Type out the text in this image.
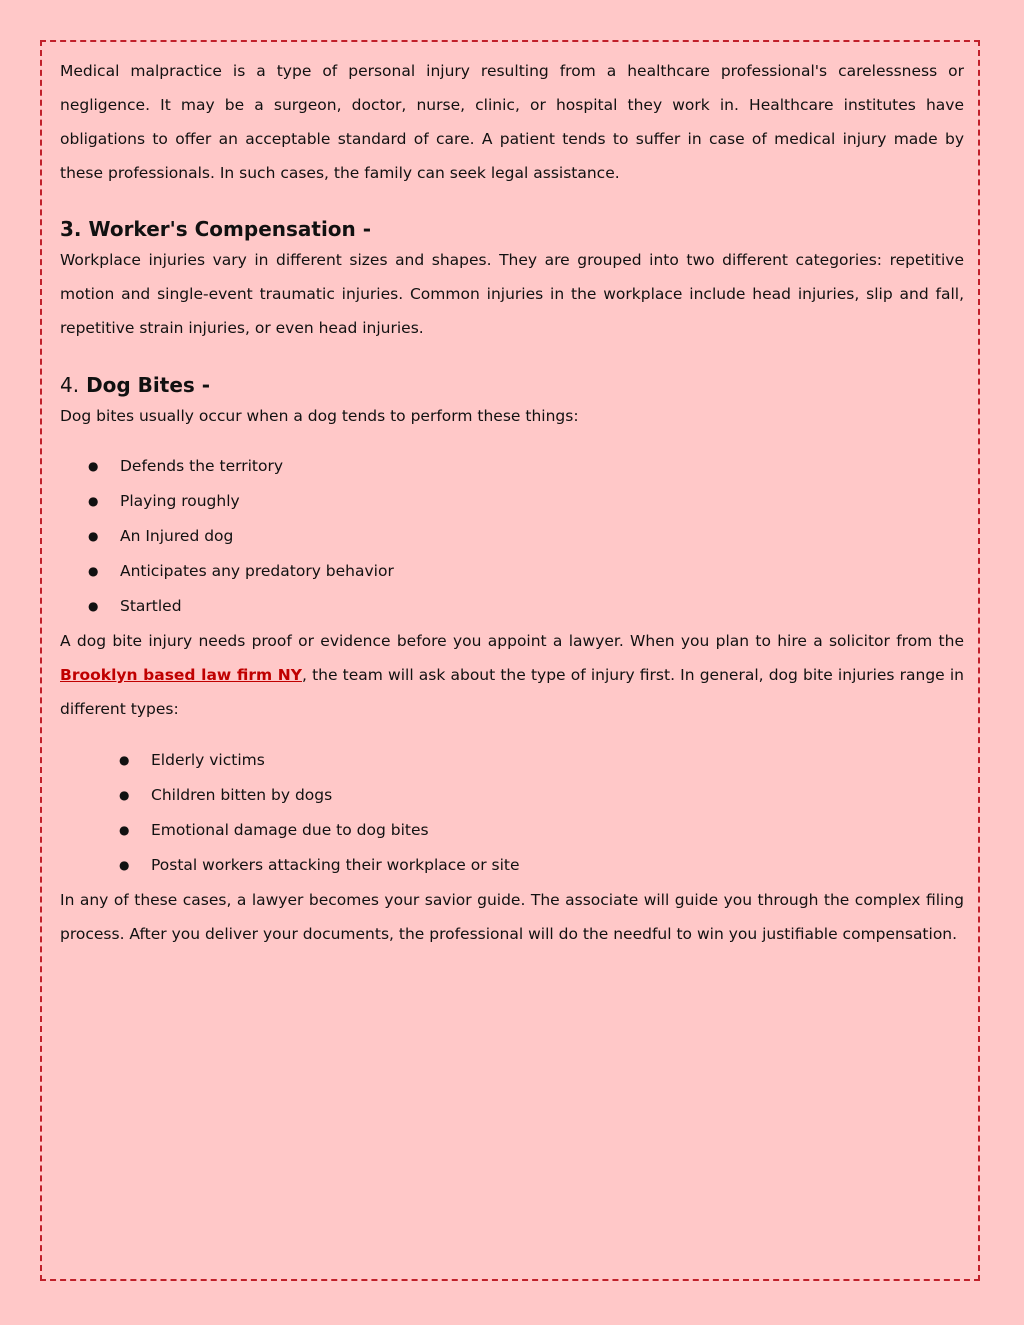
Medical malpractice is a type of personal injury resulting from a healthcare professional's carelessness or negligence. It may be a surgeon, doctor, nurse, clinic, or hospital they work in. Healthcare institutes have obligations to offer an acceptable standard of care. A patient tends to suffer in case of medical injury made by these professionals. In such cases, the family can seek legal assistance.

3. Worker's Compensation -

Workplace injuries vary in different sizes and shapes. They are grouped into two different categories: repetitive motion and single-event traumatic injuries. Common injuries in the workplace include head injuries, slip and fall, repetitive strain injuries, or even head injuries.

4. Dog Bites -

Dog bites usually occur when a dog tends to perform these things:

● Defends the territory
● Playing roughly
● An Injured dog
● Anticipates any predatory behavior
● Startled

A dog bite injury needs proof or evidence before you appoint a lawyer. When you plan to hire a solicitor from the Brooklyn based law firm NY, the team will ask about the type of injury first. In general, dog bite injuries range in different types:

● Elderly victims
● Children bitten by dogs
● Emotional damage due to dog bites
● Postal workers attacking their workplace or site

In any of these cases, a lawyer becomes your savior guide. The associate will guide you through the complex filing process. After you deliver your documents, the professional will do the needful to win you justifiable compensation.
